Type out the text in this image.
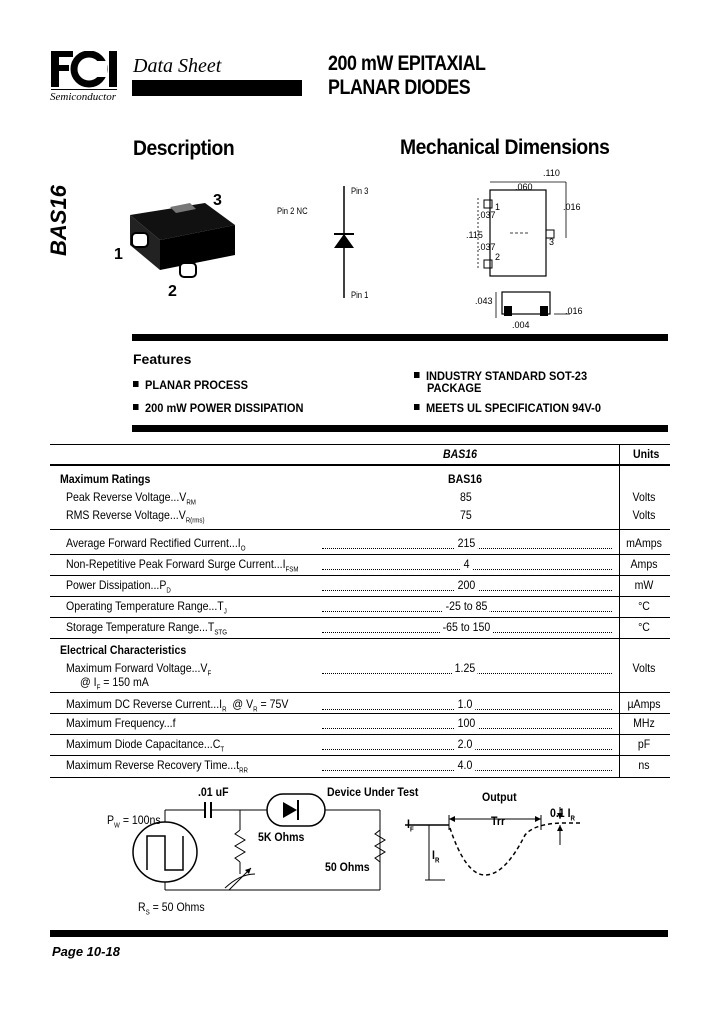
Semiconductor
Data Sheet	200 mW EPITAXIAL
PLANAR DIODES
Description	Mechanical Dimensions
BAS16	3
1
2
Pin 3
Pin 2 NC
Pin 1
.110
.060
.037
1	.016
.115
3
.037
2
.043
.016
.004
Features
PLANAR PROCESS
200 mW POWER DISSIPATION
INDUSTRY STANDARD SOT-23
PACKAGE
MEETS UL SPECIFICATION 94V-0
BAS16	Units
Maximum Ratings	BAS16
Peak Reverse $Voltage...V_{RM}$	85	Volts
RMS Reverse $Voltage...V_{R(rms)}$	75	Volts
Average Forward Rectified $Current...I_O$	215	mAmps
Non-Repetitive Peak Forward Surge $Current...I_{FSM}$	4	Amps
Power $Dissipation...P_D$	200	mW
Operating Temperature $Range...T_J$	-25 to 85	°C
Storage Temperature $Range...T_{STG}$	-65 to 150	°C
Electrical Characteristics
Maximum Forward $Voltage...V_F$
@ $I_F = 150$ mA
1.25	Volts
Maximum DC Reverse $Current...I_R$ @ $V_R = 75V$	1.0	µAmps
Maximum Frequency...f	100	MHz
Maximum Diode $Capacitance...C_T$	2.0	pF
Maximum Reverse Recovery $Time...t_{RR}$	4.0	ns
.01 uF	Device Under Test
$P_W = 100ns$
5K Ohms
50 Ohms
$R_S = 50$ Ohms
Output
Trr
0.1 $I_R$
$I_F$
$I_R$
Page 10-18
